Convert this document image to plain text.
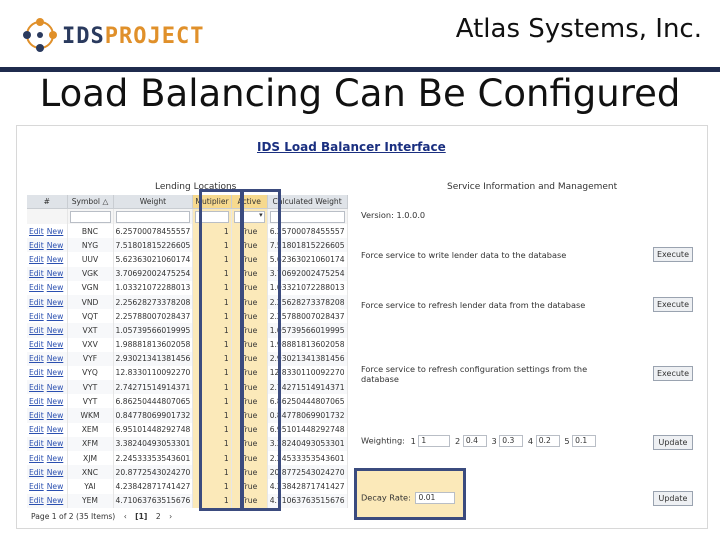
IDSPROJECT	Atlas Systems, Inc.
Load Balancing Can Be Configured
IDS Load Balancer Interface
Lending Locations	Service Information and Management
#	Symbol △	Weight	Mutiplier	Active	Calculated Weight

				▾	

Edit New	BNC	6.25700078455557	1	True	6.25700078455557
Edit New	NYG	7.51801815226605	1	True	7.51801815226605
Edit New	UUV	5.62363021060174	1	True	5.62363021060174
Edit New	VGK	3.70692002475254	1	True	3.70692002475254
Edit New	VGN	1.03321072288013	1	True	1.03321072288013
Edit New	VND	2.25628273378208	1	True	2.25628273378208
Edit New	VQT	2.25788007028437	1	True	2.25788007028437
Edit New	VXT	1.05739566019995	1	True	1.05739566019995
Edit New	VXV	1.98881813602058	1	True	1.98881813602058
Edit New	VYF	2.93021341381456	1	True	2.93021341381456
Edit New	VYQ	12.8330110092270	1	True	12.8330110092270
Edit New	VYT	2.74271514914371	1	True	2.74271514914371
Edit New	VYT	6.86250444807065	1	True	6.86250444807065
Edit New	WKM	0.84778069901732	1	True	0.84778069901732
Edit New	XEM	6.95101448292748	1	True	6.95101448292748
Edit New	XFM	3.38240493053301	1	True	3.38240493053301
Edit New	XJM	2.24533353543601	1	True	2.24533353543601
Edit New	XNC	20.8772543024270	1	True	20.8772543024270
Edit New	YAI	4.23842871741427	1	True	4.23842871741427
Edit New	YEM	4.71063763515676	1	True	4.71063763515676
Page 1 of 2 (35 Items) ‹ [1] 2 ›
Version: 1.0.0.0
Force service to write lender data to the database	Execute
Force service to refresh lender data from the database	Execute
Force service to refresh configuration settings from the database
Execute
Weighting: 1 1	2 0.4 3 0.3 4 0.2 5 0.1	Update
Decay Rate: 0.01	Update
